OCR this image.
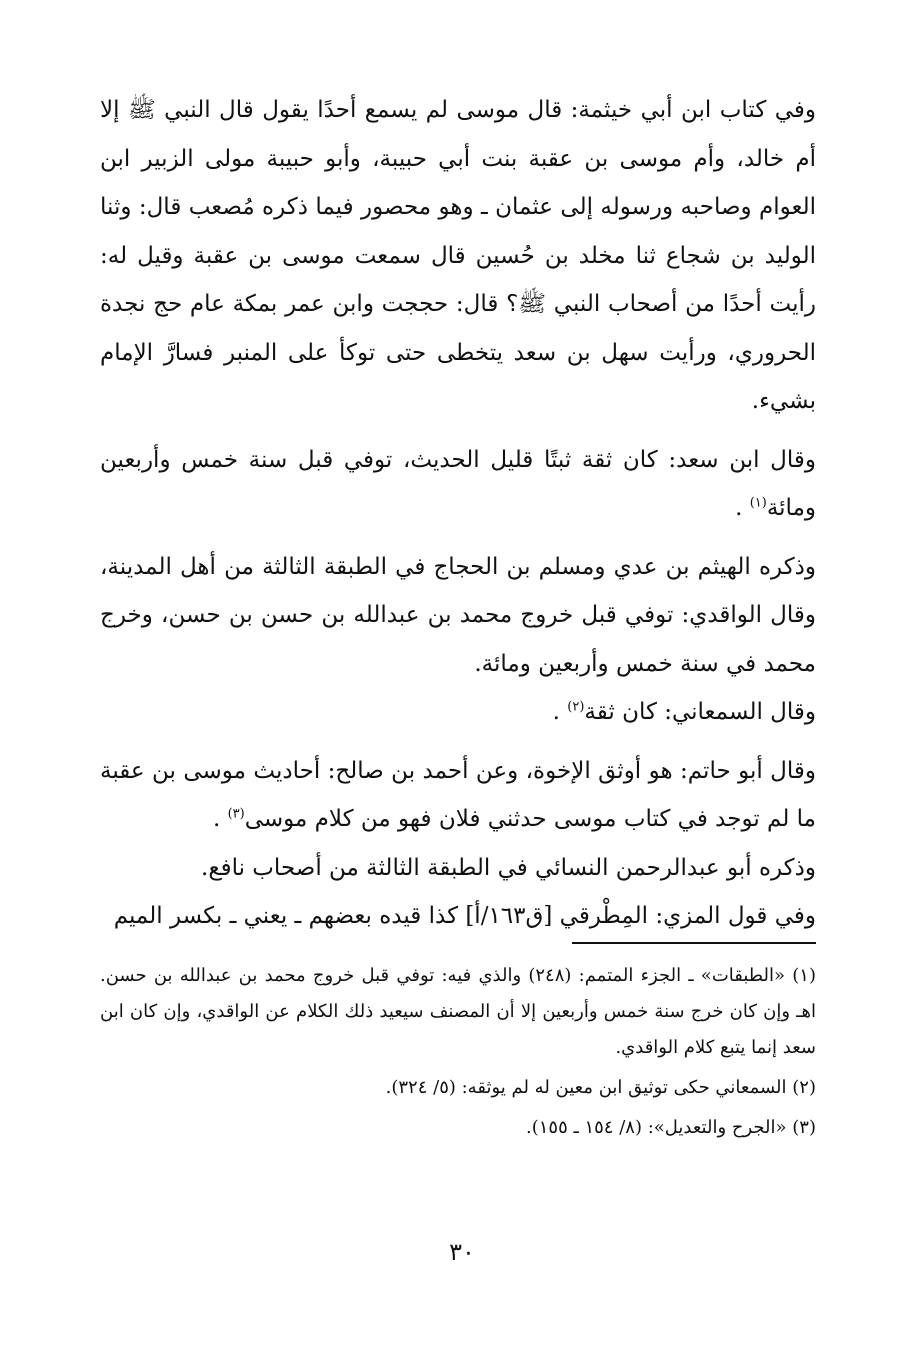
وفي كتاب ابن أبي خيثمة: قال موسى لم يسمع أحدًا يقول قال النبي ﷺ إلا أم خالد، وأم موسى بن عقبة بنت أبي حبيبة، وأبو حبيبة مولى الزبير ابن العوام وصاحبه ورسوله إلى عثمان ـ وهو محصور فيما ذكره مُصعب قال: وثنا الوليد بن شجاع ثنا مخلد بن حُسين قال سمعت موسى بن عقبة وقيل له: رأيت أحدًا من أصحاب النبي ﷺ؟ قال: حججت وابن عمر بمكة عام حج نجدة الحروري، ورأيت سهل بن سعد يتخطى حتى توكأ على المنبر فسارَّ الإمام بشيء.

وقال ابن سعد: كان ثقة ثبتًا قليل الحديث، توفي قبل سنة خمس وأربعين ومائة$^{(١)}$ .

وذكره الهيثم بن عدي ومسلم بن الحجاج في الطبقة الثالثة من أهل المدينة، وقال الواقدي: توفي قبل خروج محمد بن عبدالله بن حسن بن حسن، وخرج محمد في سنة خمس وأربعين ومائة.

وقال السمعاني: كان ثقة$^{(٢)}$ .

وقال أبو حاتم: هو أوثق الإخوة، وعن أحمد بن صالح: أحاديث موسى بن عقبة ما لم توجد في كتاب موسى حدثني فلان فهو من كلام موسى$^{(٣)}$ .

وذكره أبو عبدالرحمن النسائي في الطبقة الثالثة من أصحاب نافع.

وفي قول المزي: المِطْرقي [ق١٦٣/أ] كذا قيده بعضهم ـ يعني ـ بكسر الميم

(١) «الطبقات» ـ الجزء المتمم: (٢٤٨) والذي فيه: توفي قبل خروج محمد بن عبدالله بن حسن. اهـ وإن كان خرج سنة خمس وأربعين إلا أن المصنف سيعيد ذلك الكلام عن الواقدي، وإن كان ابن سعد إنما يتبع كلام الواقدي.

(٢) السمعاني حكى توثيق ابن معين له لم يوثقه: (٥/ ٣٢٤).

(٣) «الجرح والتعديل»: (٨/ ١٥٤ ـ ١٥٥).

٣٠
